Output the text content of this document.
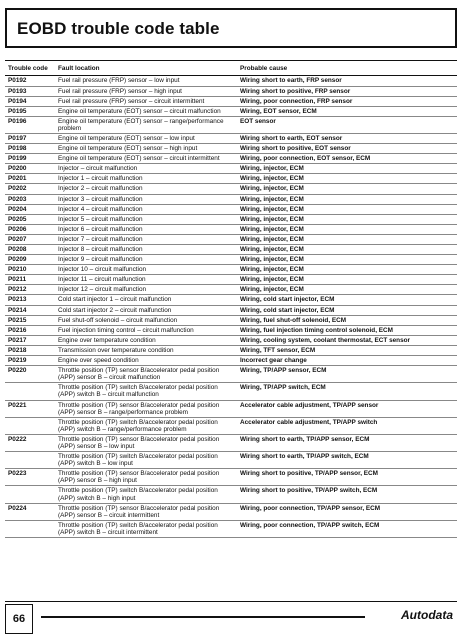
EOBD trouble code table
Trouble code	Fault location	Probable cause
P0192	Fuel rail pressure (FRP) sensor – low input	Wiring short to earth, FRP sensor
P0193	Fuel rail pressure (FRP) sensor – high input	Wiring short to positive, FRP sensor
P0194	Fuel rail pressure (FRP) sensor – circuit intermittent	Wiring, poor connection, FRP sensor
P0195	Engine oil temperature (EOT) sensor – circuit malfunction	Wiring, EOT sensor, ECM
P0196	Engine oil temperature (EOT) sensor – range/performance problem	EOT sensor
P0197	Engine oil temperature (EOT) sensor – low input	Wiring short to earth, EOT sensor
P0198	Engine oil temperature (EOT) sensor – high input	Wiring short to positive, EOT sensor
P0199	Engine oil temperature (EOT) sensor – circuit intermittent	Wiring, poor connection, EOT sensor, ECM
P0200	Injector – circuit malfunction	Wiring, injector, ECM
P0201	Injector 1 – circuit malfunction	Wiring, injector, ECM
P0202	Injector 2 – circuit malfunction	Wiring, injector, ECM
P0203	Injector 3 – circuit malfunction	Wiring, injector, ECM
P0204	Injector 4 – circuit malfunction	Wiring, injector, ECM
P0205	Injector 5 – circuit malfunction	Wiring, injector, ECM
P0206	Injector 6 – circuit malfunction	Wiring, injector, ECM
P0207	Injector 7 – circuit malfunction	Wiring, injector, ECM
P0208	Injector 8 – circuit malfunction	Wiring, injector, ECM
P0209	Injector 9 – circuit malfunction	Wiring, injector, ECM
P0210	Injector 10 – circuit malfunction	Wiring, injector, ECM
P0211	Injector 11 – circuit malfunction	Wiring, injector, ECM
P0212	Injector 12 – circuit malfunction	Wiring, injector, ECM
P0213	Cold start injector 1 – circuit malfunction	Wiring, cold start injector, ECM
P0214	Cold start injector 2 – circuit malfunction	Wiring, cold start injector, ECM
P0215	Fuel shut-off solenoid – circuit malfunction	Wiring, fuel shut-off solenoid, ECM
P0216	Fuel injection timing control – circuit malfunction	Wiring, fuel injection timing control solenoid, ECM
P0217	Engine over temperature condition	Wiring, cooling system, coolant thermostat, ECT sensor
P0218	Transmission over temperature condition	Wiring, TFT sensor, ECM
P0219	Engine over speed condition	Incorrect gear change
P0220	Throttle position (TP) sensor B/accelerator pedal position (APP) sensor B – circuit malfunction	Wiring, TP/APP sensor, ECM
	Throttle position (TP) switch B/accelerator pedal position (APP) switch B – circuit malfunction	Wiring, TP/APP switch, ECM
P0221	Throttle position (TP) sensor B/accelerator pedal position (APP) sensor B – range/performance problem	Accelerator cable adjustment, TP/APP sensor
	Throttle position (TP) switch B/accelerator pedal position (APP) switch B – range/performance problem	Accelerator cable adjustment, TP/APP switch
P0222	Throttle position (TP) sensor B/accelerator pedal position (APP) sensor B – low input	Wiring short to earth, TP/APP sensor, ECM
	Throttle position (TP) switch B/accelerator pedal position (APP) switch B – low input	Wiring short to earth, TP/APP switch, ECM
P0223	Throttle position (TP) sensor B/accelerator pedal position (APP) sensor B – high input	Wiring short to positive, TP/APP sensor, ECM
	Throttle position (TP) switch B/accelerator pedal position (APP) switch B – high input	Wiring short to positive, TP/APP switch, ECM
P0224	Throttle position (TP) sensor B/accelerator pedal position (APP) sensor B – circuit intermittent	Wiring, poor connection, TP/APP sensor, ECM
	Throttle position (TP) switch B/accelerator pedal position (APP) switch B – circuit intermittent	Wiring, poor connection, TP/APP switch, ECM
66	Autodata
